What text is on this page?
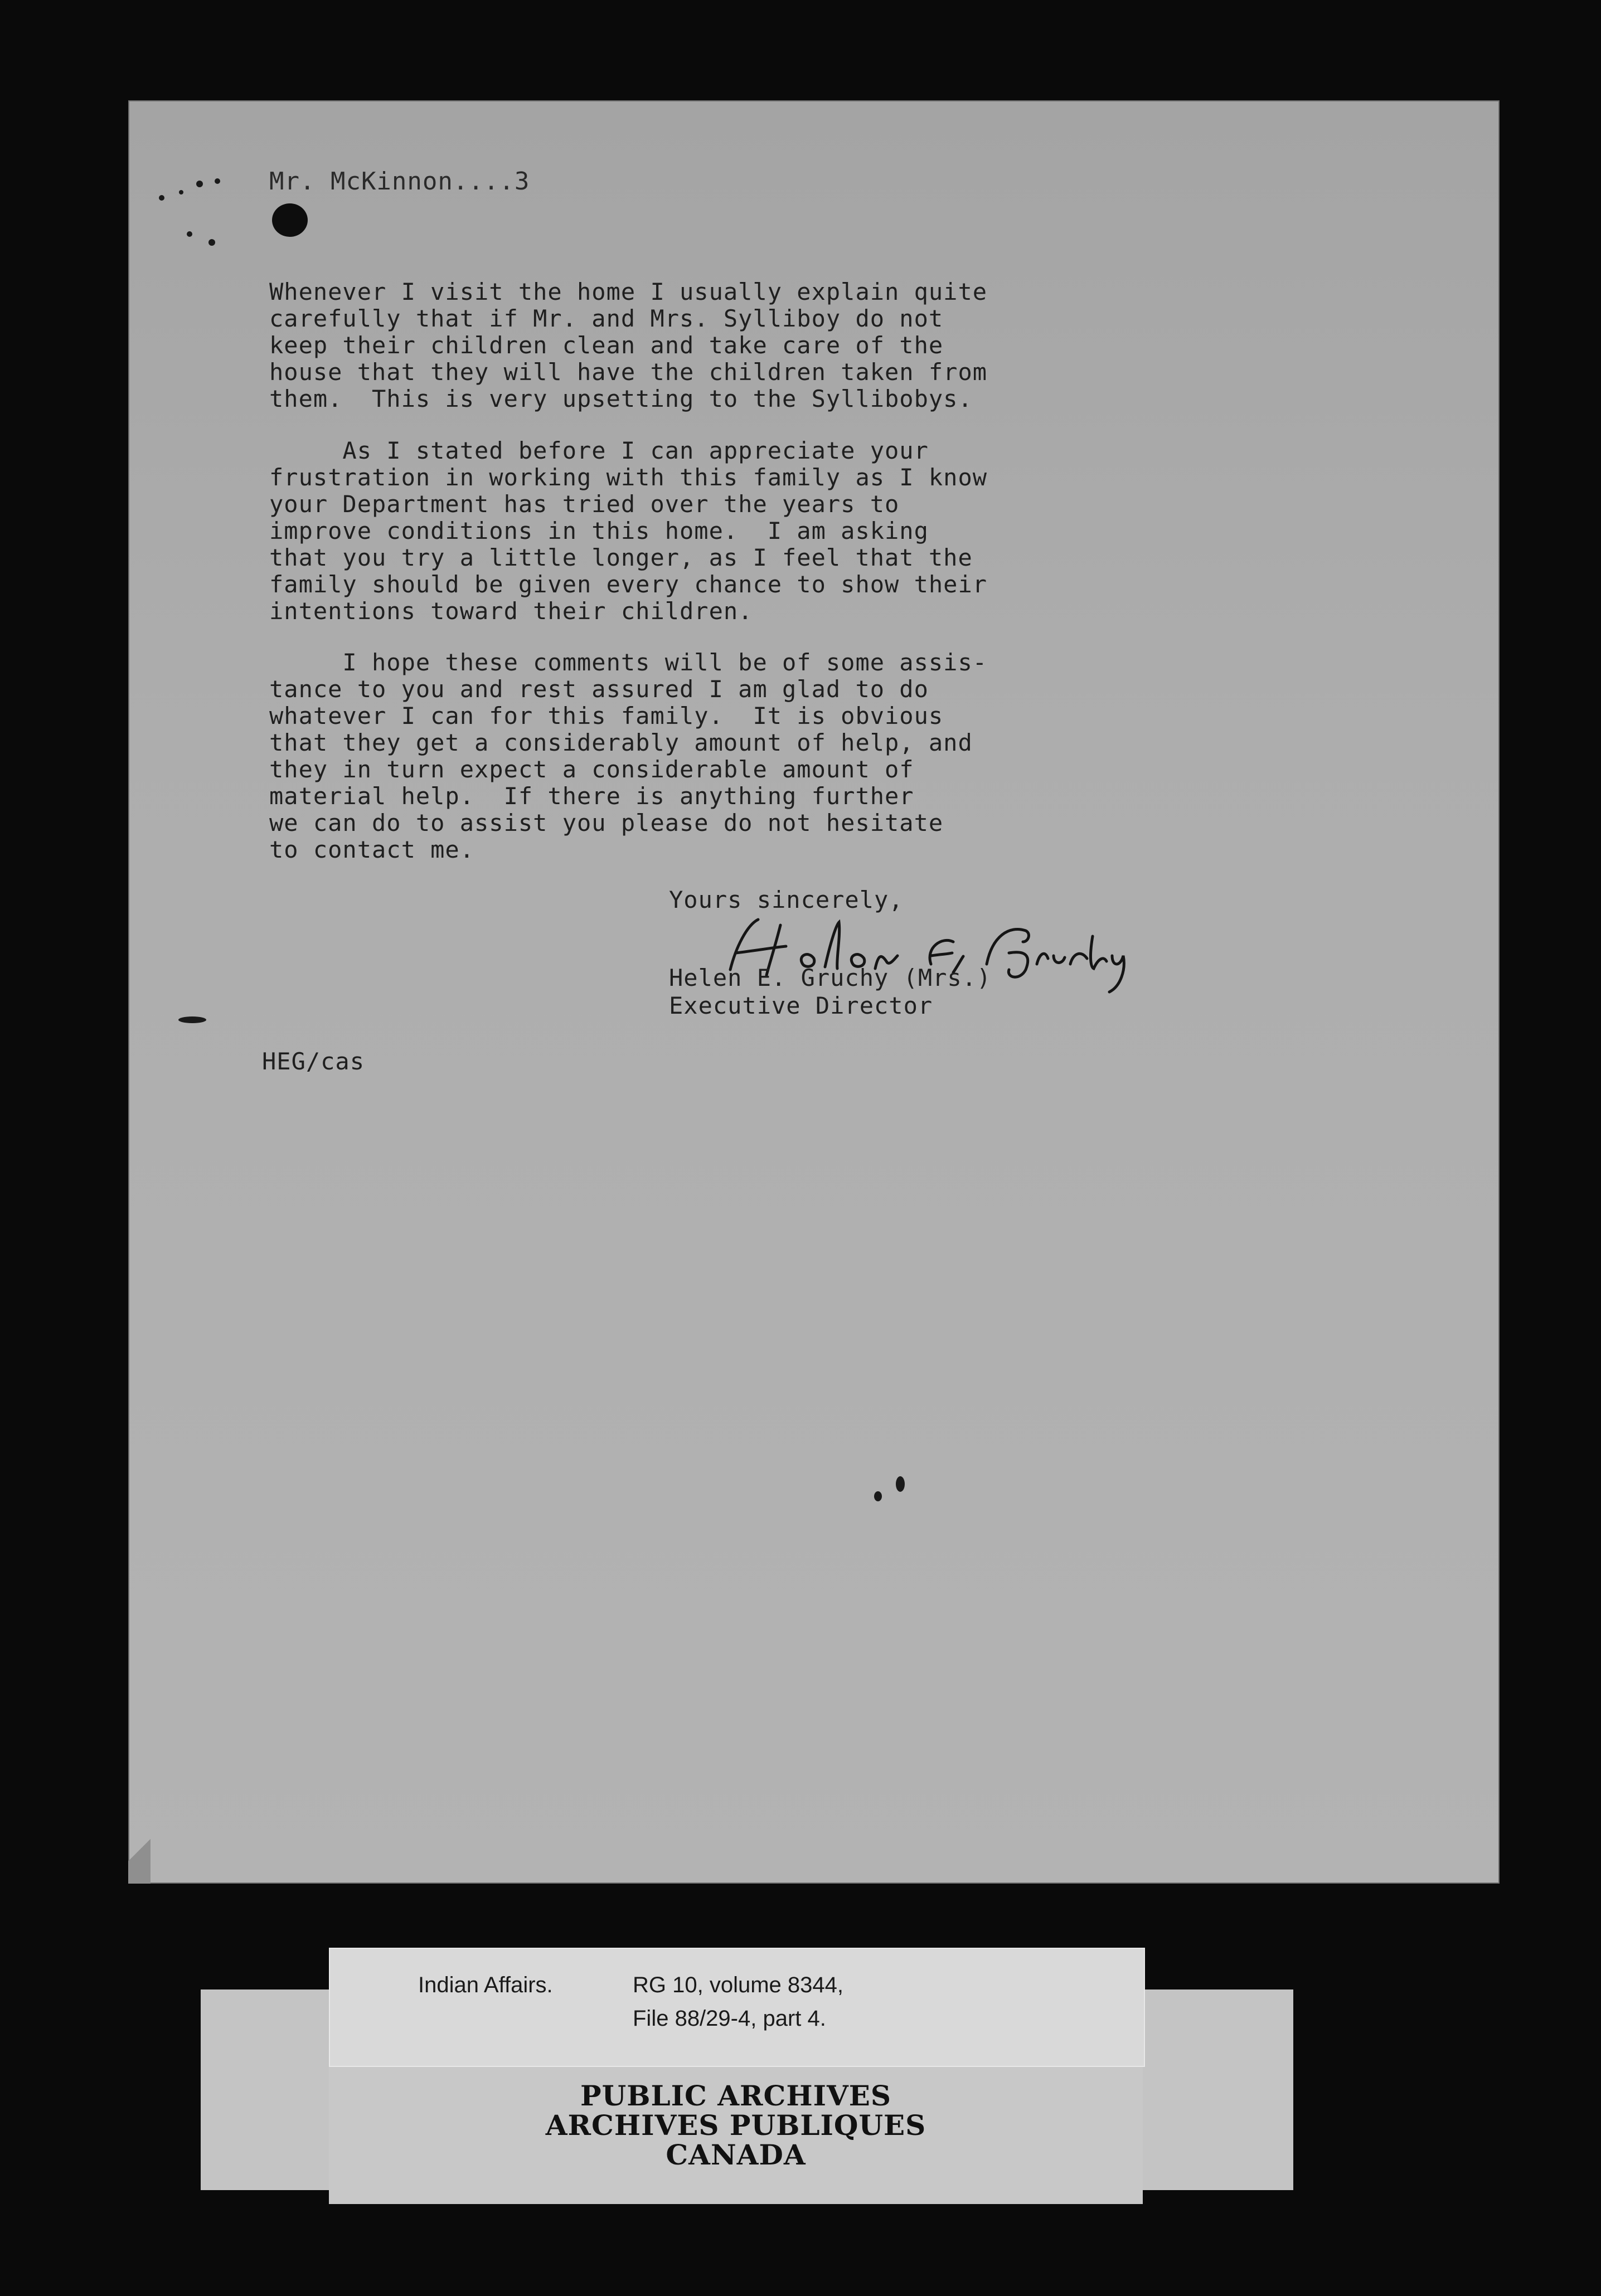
Mr. McKinnon....3
Whenever I visit the home I usually explain quite
carefully that if Mr. and Mrs. Sylliboy do not
keep their children clean and take care of the
house that they will have the children taken from
them.  This is very upsetting to the Syllibobys.
As I stated before I can appreciate your
frustration in working with this family as I know
your Department has tried over the years to
improve conditions in this home.  I am asking
that you try a little longer, as I feel that the
family should be given every chance to show their
intentions toward their children.
I hope these comments will be of some assis-
tance to you and rest assured I am glad to do
whatever I can for this family.  It is obvious
that they get a considerably amount of help, and
they in turn expect a considerable amount of
material help.  If there is anything further
we can do to assist you please do not hesitate
to contact me.
Yours sincerely,
Helen E. Gruchy (Mrs.)
Executive Director
HEG/cas
Indian Affairs.	RG 10, volume 8344,
File 88/29-4, part 4.
PUBLIC ARCHIVES
ARCHIVES PUBLIQUES
CANADA
